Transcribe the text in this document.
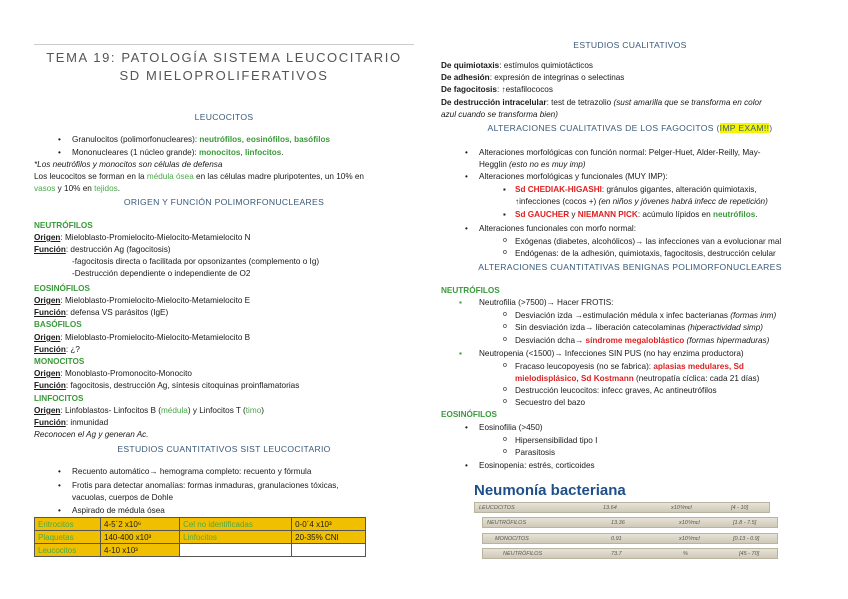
TEMA 19: PATOLOGÍA SISTEMA LEUCOCITARIO SD MIELOPROLIFERATIVOS
LEUCOCITOS
• Granulocitos (polimorfonucleares): neutrófilos, eosinófilos, basófilos
• Mononucleares (1 núcleo grande): monocitos, linfocitos.
*Los neutrófilos y monocitos son células de defensa
Los leucocitos se forman en la médula ósea en las células madre pluripotentes, un 10% en
vasos y 10% en tejidos.
ORIGEN Y FUNCIÓN POLIMORFONUCLEARES
NEUTRÓFILOS
Origen: Mieloblasto-Promielocito-Mielocito-Metamielocito N
Función: destrucción Ag (fagocitosis)
-fagocitosis directa o facilitada por opsonizantes (complemento o Ig)
-Destrucción dependiente o independiente de O2
EOSINÓFILOS
Origen: Mieloblasto-Promielocito-Mielocito-Metamielocito E
Función: defensa VS parásitos (IgE)
BASÓFILOS
Origen: Mieloblasto-Promielocito-Mielocito-Metamielocito B
Función: ¿?
MONOCITOS
Origen: Monoblasto-Promonocito-Monocito
Función: fagocitosis, destrucción Ag, síntesis citoquinas proinflamatorias
LINFOCITOS
Origen: Linfoblastos- Linfocitos B (médula) y Linfocitos T (timo)
Función: inmunidad
Reconocen el Ag y generan Ac.
ESTUDIOS CUANTITATIVOS SIST LEUCOCITARIO
• Recuento automático→ hemograma completo: recuento y fórmula
• Frotis para detectar anomalías: formas inmaduras, granulaciones tóxicas,
vacuolas, cuerpos de Dohle
• Aspirado de médula ósea
Eritrocitos	4-5´2 x10⁶	Cel no identificadas	0-0´4 x10³
Plaquetas	140-400 x10³	Linfocitos	20-35% CNI
Leucocitos	4-10 x10³		
ESTUDIOS CUALITATIVOS
De quimiotaxis: estímulos quimiotácticos
De adhesión: expresión de integrinas o selectinas
De fagocitosis: ↑estafilococos
De destrucción intracelular: test de tetrazolio (sust amarilla que se transforma en color
azul cuando se transforma bien)
ALTERACIONES CUALITATIVAS DE LOS FAGOCITOS (IMP EXAM!!)
• Alteraciones morfológicas con función normal: Pelger-Huet, Alder-Reilly, May-
Hegglin (esto no es muy imp)
• Alteraciones morfológicas y funcionales (MUY IMP):
▪ Sd CHEDIAK-HIGASHI: gránulos gigantes, alteración quimiotaxis,
↑infecciones (cocos +) (en niños y jóvenes habrá infecc de repetición)
▪ Sd GAUCHER y NIEMANN PICK: acúmulo lípidos en neutrófilos.
• Alteraciones funcionales con morfo normal:
o Exógenas (diabetes, alcohólicos)→ las infecciones van a evolucionar mal
o Endógenas: de la adhesión, quimiotaxis, fagocitosis, destrucción celular
ALTERACIONES CUANTITATIVAS BENIGNAS POLIMORFONUCLEARES
NEUTRÓFILOS
▪ Neutrofilia (>7500)→ Hacer FROTIS:
o Desviación izda →estimulación médula x infec bacterianas (formas inm)
o Sin desviación izda→ liberación catecolaminas (hiperactividad simp)
o Desviación dcha→ síndrome megaloblástico (formas hipermaduras)
▪ Neutropenia (<1500)→ Infecciones SIN PUS (no hay enzima productora)
o Fracaso leucopoyesis (no se fabrica): aplasias medulares, Sd
mielodisplásico, Sd Kostmann (neutropatía cíclica: cada 21 días)
o Destrucción leucocitos: infecc graves, Ac antineutrófilos
o Secuestro del bazo
EOSINÓFILOS
• Eosinofilia (>450)
o Hipersensibilidad tipo I
o Parasitosis
• Eosinopenia: estrés, corticoides
Neumonía bacteriana
LEUCOCITOS	13.64	x10³/mcl	[4 - 10]
NEUTRÓFILOS	13.36	x10³/mcl	[1.8 - 7.5]
MONOCITOS	0.91	x10³/mcl	[0.13 - 0.9]
NEUTRÓFILOS	73.7	%	[45 - 70]
